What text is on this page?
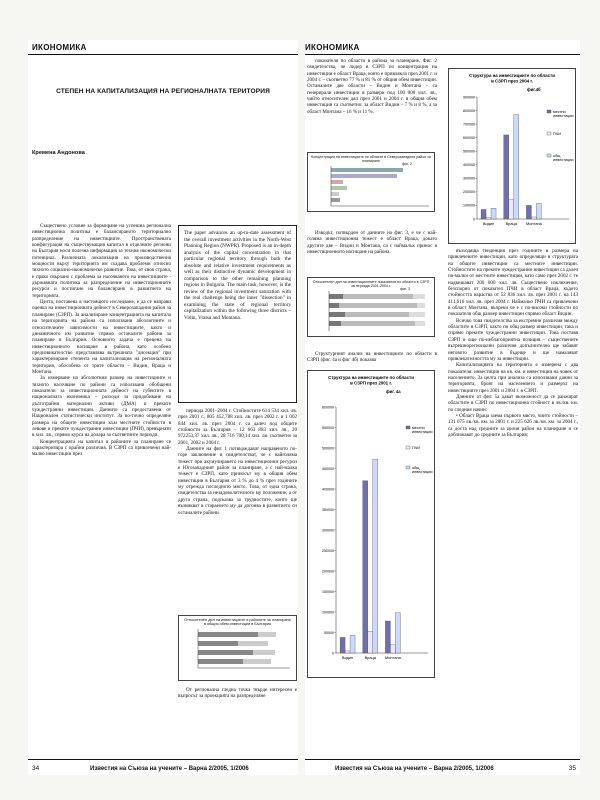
ИКОНОМИКА
СТЕПЕН НА КАПИТАЛИЗАЦИЯ НА РЕГИОНАЛНАТА ТЕРИТОРИЯ
Кремена Андонова

Съществено условие за формиране на успешна регионална инвестиционна политика е балансираното териториално разпределение на инвестициите. Пространствената конфигурация на съществуващия капитал в отделните региони на България носи полезна информация за техния икономически потенциал. Различната локализация на производствения мощности върху територията им създава проблеми относно тяхното социално-икономическо развитие. Това, от своя страна, е пряко свързано с проблема за насочването на инвестициите - държавната политика за разпределение на инвестиционните ресурси и постигане на балансирано в развитието на територията.

Целта, поставена в настоящото изследване, е да се направи оценка на инвестиционната дейност в Северозападния район за планиране (СЗРП). За анализиране концентрацията на капитала на територията на района са използвани абсолютните и относителните зависимости на инвестициите, както и динамичното им развитие спрямо останалите райони за планиране в България. Основното задача е прецена на инвестиционното насищане в района, като особено предизвикателство представлява вътрешната "дисекция" при характеризиране степента на капитализация на регионалната територия, обособена от трите области – Видин, Враца и Монтана.

За измерване на абсолютния размер на инвестициите и тяхното насочване по райони са използвани обобщени показатели за инвестиционната дейност на субектите в националната икономика – разходи за придобиване на дълготрайни материални активи (ДМА) и преките чуждестранни инвестиции. Данните са предоставени от Национален статистически институт. За по-точно определяне размера на общите инвестиции към местните стойности в левове и преките чуждестранни инвестиции (ПЧИ), превърнати в хил. лв., спрямо курса на долара за съответните периоди.

Концентрацията на капитал в районите за планиране се характеризира с крайни различия. В СЗРП са привлечени най-малко инвестиции през

The paper advances an up-to-date assessment of the overall investment activities in the North-West Planning Region (NWPR). Proposed is an in-depth analysis of the capital concentration in that particular regional territory through both the absolute and relative investment requirements as well as their distinctive dynamic development in comparison to the other remaining planning regions in Bulgaria. The main task, however, is the review of the regional investment saturation with the real challenge being the inner "dissection" in examining the state of regional territory capitalization within the following three districts – Vidin, Vratsa and Montana.

периода 2001–2004 г. Стойностите 614 534 хил. лв. през 2001 г., 805 452,788 хил. лв. през 2002 г. и 1 002 844 хил. лв. през 2004 г. са далеч под общите стойности за България – 12 663 883 хил. лв., 20 972253,37 хил. лв., 28 716 700,14 хил. лв. съответно за 2001, 2002 и 2004 г.

Данните на фиг. 1 потвърждават направеното по-горе заключение и свидетелстват, че с найголяма тежест при акумулирането на инвестиционни ресурси е Югозападният район за планиране, а с най-малка тежест е СЗРП, като приносът му в общия обем инвестиции в България от 3 % до 4 % през годините му отрежда последното място. Това, от една страна, свидетелства за незадоволителното му положение, а от друга страна, подсказва за трудностите, които ще възникват в стараенето му да догонва в развитието си останалите райони.

Относителен дял на инвестициите в районите за планиране в общия обем инвестиции в България

От регионална гледна точка твърде интересен е въпросът за проекцията на разпределяне

34	Известия на Съюза на учените – Варна 2/2005, 1/2006
ИКОНОМИКА

показателя по области в района за планиране. Фиг. 2 свидетелства, че лидер в СЗРП по концентрация на инвестиции е област Враца, която е привлякла през 2001 г. и 2004 г. – съответно 77 % и 81 % от общия обем инвестиции. Останалите две области – Видин и Монтана – са генерирали инвестиции в размери под 100 000 хил. лв., чийто относителен дял през 2001 и 2004 г. в общия обем инвестиции са съответно: за област Видин – 7 % и 8 %, а за област Монтана – 16 % и 11 %.

Концентрация на инвестициите по области в Северозападния район за планиране
фиг. 2

Изводът, потвърден от данните на фиг. 3, е че с най-голяма инвестиционна тежест е област Враца, докато другите две – Видин и Монтана, са с наймалък принос в инвестиционното насищане на района.

Относителен дял на инвестиционните показатели по области в СЗРП за периода 2001-2004 г.
фиг. 3

Структурният анализ на инвестициите по области в СЗРП (фиг. 4а и фиг 4б) показва

Структура на инвестициите по области в СЗРП през 2001 г.
фиг. 4а
0
50000
100000
150000
200000
250000
300000
350000
400000
450000
500000
550000
600000
Видин	Враца Монтана
местни инвестиции
ПЧИ
общ инвестиции
Структура на инвестициите по области в СЗРП през 2004 г.
фиг.4б
0
100000
200000
300000
400000
500000
600000
700000
800000
900000
Видин	Враца Монтана
местни инвестиции
ПЧИ
общ инвестиции

възходяща тенденция през годините в размера на привлечените инвестиции, като определящи в структурата на общите инвестиции са местните инвестиции. Стойностите на преките чуждестранни инвестиции са далеч по-малки от местните инвестиции, като само през 2002 г. те надвишават 200 000 хил. лв. Съществено изключение, безспорно от показател ПЧИ в област Враца, където стойността нараства от 52 836 хил. лв. през 2001 г. на 143 411,616 хил. лв. през 2004 г. Наймалко ПЧИ са привлечени в област Монтана, въпреки че е с по-високи стойности по показателя общ размер инвестиции спрямо област Видин.

Всичко това свидетелства за екстремни различия между областите в СЗРП, както по общ размер инвестиции, така и спрямо преките чуждестранни инвестиции. Това поставя СЗРП в още по-неблагоприятна позиция – съществените вътрешнорегионални различия допълнително ще забавят неговото развитие в бъдеще и ще намаляват привлекателността му за инвестиции.

Капитализацията на територията е измерена с два показателя: инвестиции на кв. км. и инвестиции на човек от населението. За целта при анализа са използвани данни за територията, броят на населението и размерът на инвестициите през 2001 и 2004 г. в СЗРП.

Данните от фиг. 5а дават възможност да се ранжират областите в СЗРП по инвестиционна стойност в лв./кв. км. по следния начин:

• Област Враца заема първото място, чиито стойности – 131 075 лв./кв. км. за 2001 г. и 225 626 лв./кв. км. за 2004 г., са доста над средните за целия район на планиране и се доближават до средните за България;

Известия на Съюза на учените – Варна 2/2005, 1/2006	35
